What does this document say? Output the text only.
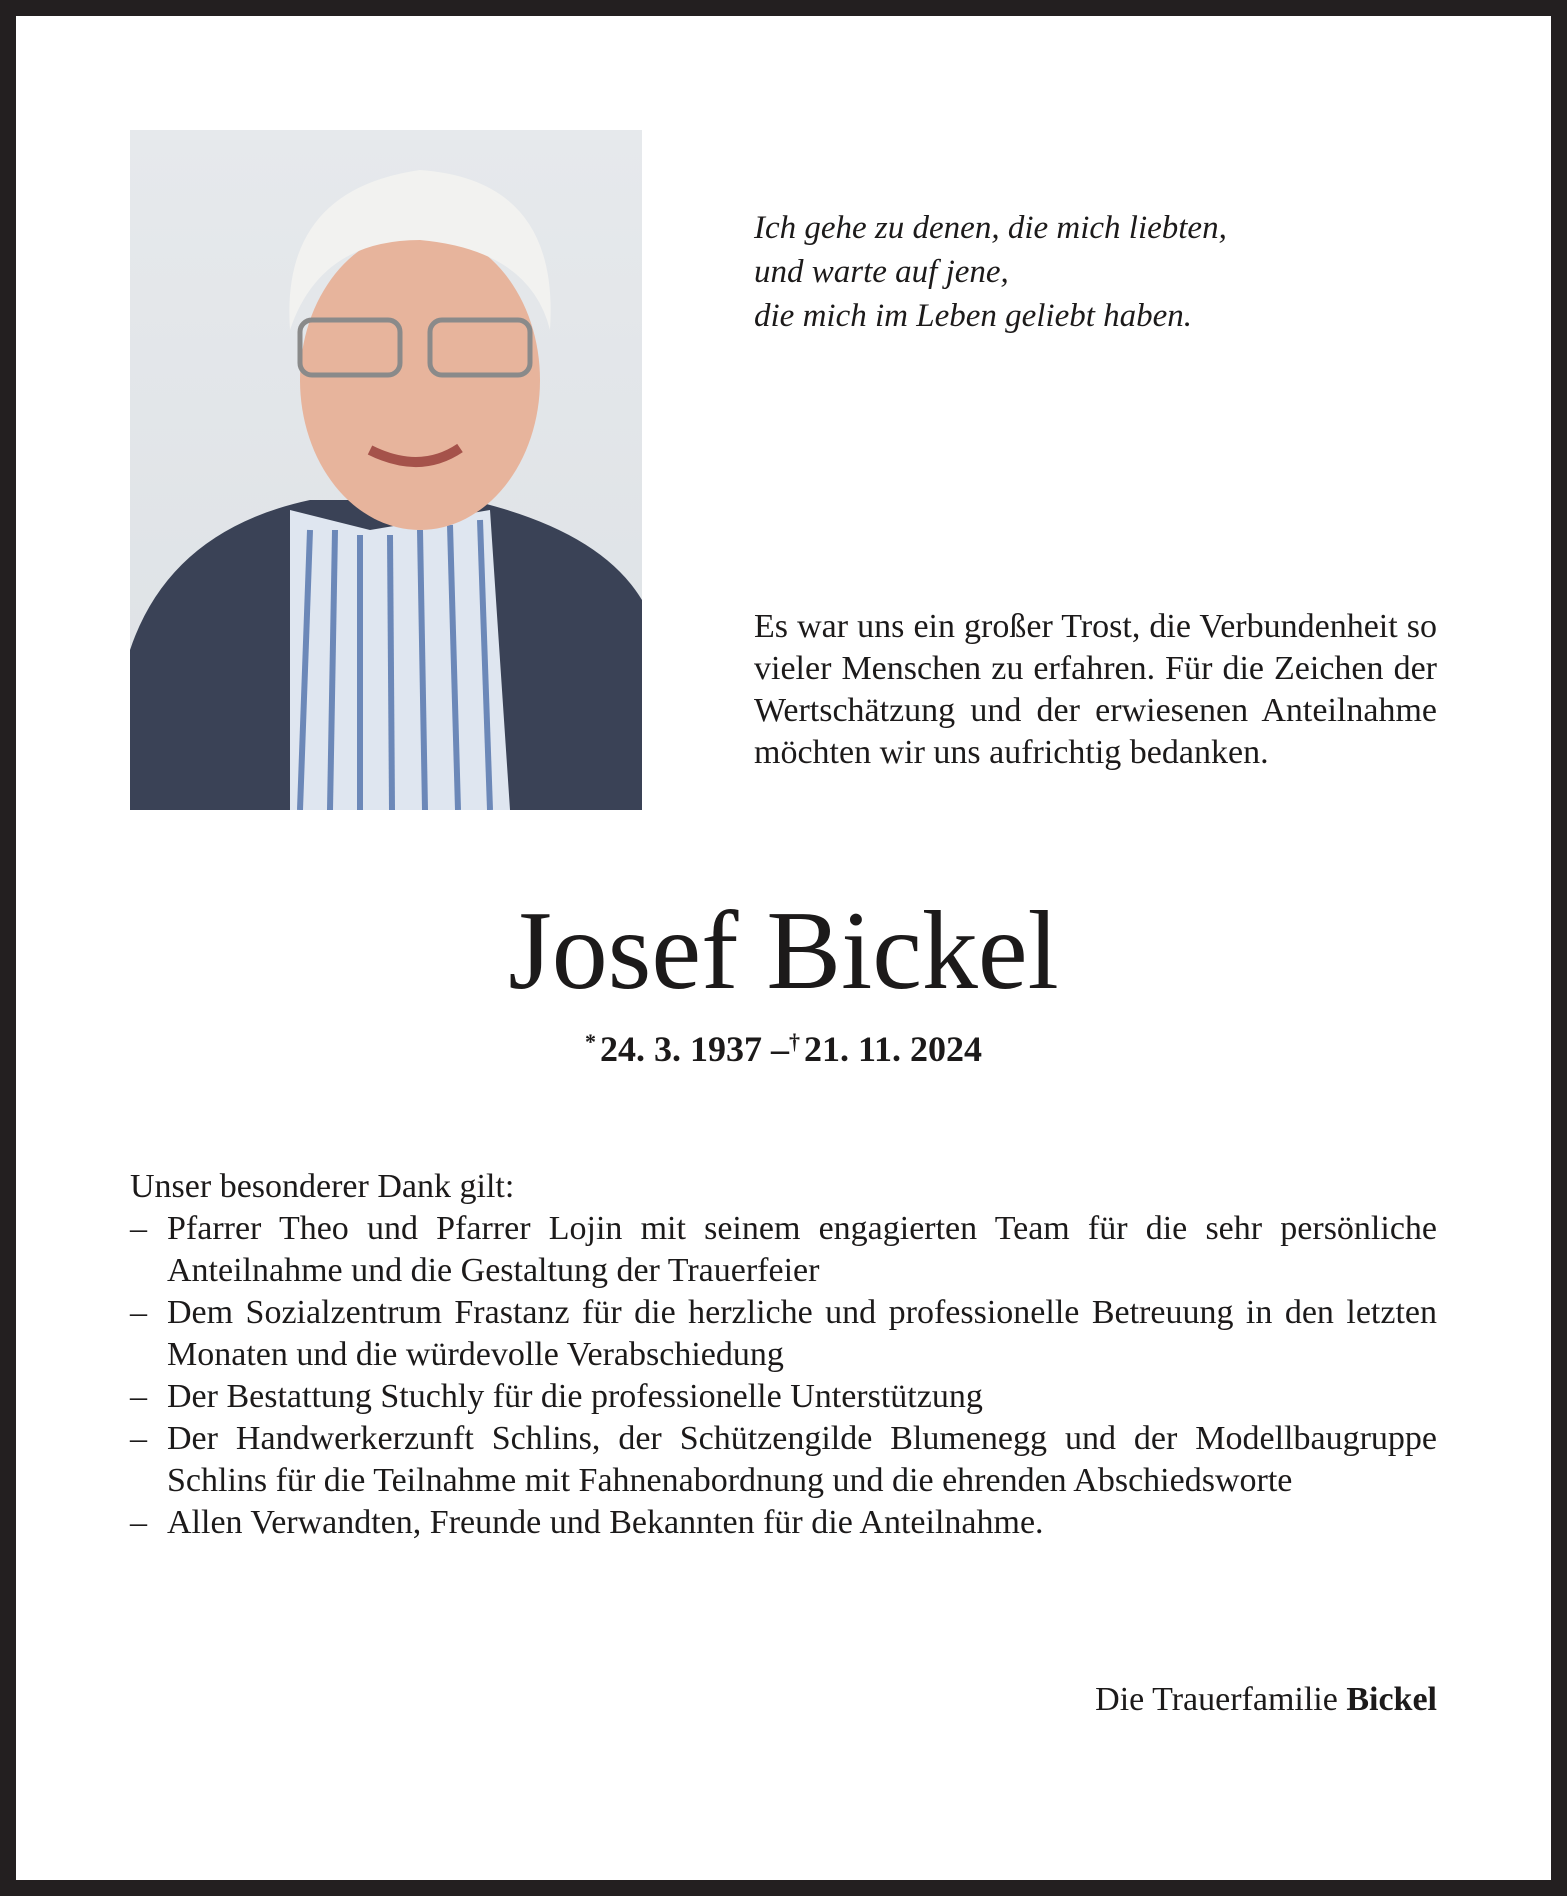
Ich gehe zu denen, die mich liebten,
und warte auf jene,
die mich im Leben geliebt haben.
Es war uns ein großer Trost, die Verbundenheit so vieler Menschen zu erfahren. Für die Zeichen der Wertschätzung und der erwiesenen Anteilnahme möchten wir uns aufrichtig bedanken.
Josef Bickel
* 24. 3. 1937 –† 21. 11. 2024
Unser besonderer Dank gilt:
– Pfarrer Theo und Pfarrer Lojin mit seinem engagierten Team für die sehr persönliche Anteilnahme und die Gestaltung der Trauerfeier
– Dem Sozialzentrum Frastanz für die herzliche und professionelle Betreuung in den letzten Monaten und die würdevolle Verabschiedung
– Der Bestattung Stuchly für die professionelle Unterstützung
– Der Handwerkerzunft Schlins, der Schützengilde Blumenegg und der Modellbaugruppe Schlins für die Teilnahme mit Fahnenabordnung und die ehrenden Abschiedsworte
– Allen Verwandten, Freunde und Bekannten für die Anteilnahme.
Die Trauerfamilie Bickel
